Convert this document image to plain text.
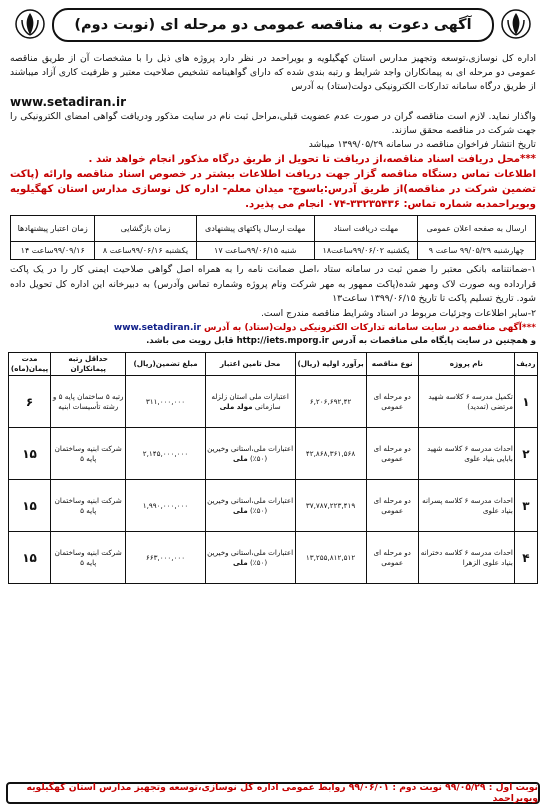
آگهی دعوت به مناقصه عمومی دو مرحله ای (نوبت دوم)

اداره کل نوسازی،توسعه وتجهیز مدارس استان کهگیلویه و بویراحمد در نظر دارد پروژه های ذیل را با مشخصات آن از طریق مناقصه عمومی دو مرحله ای به پیمانکاران واجد شرایط و رتبه بندی شده که دارای گواهینامه تشخیص صلاحیت معتبر و ظرفیت کاری آزاد میباشند از طریق درگاه سامانه تدارکات الکترونیکی دولت(ستاد) به آدرس

www.setadiran.ir

واگذار نماید. لازم است مناقصه گران در صورت عدم عضویت قبلی،مراحل ثبت نام در سایت مذکور ودریافت گواهی امضای الکترونیکی را جهت شرکت در مناقصه محقق سازند.

تاریخ انتشار فراخوان مناقصه در سامانه ۱۳۹۹/۰۵/۲۹ میباشد

***محل دریافت اسناد مناقصه،از دریافت تا تحویل از طریق درگاه مذکور انجام خواهد شد .

اطلاعات تماس دستگاه مناقصه گزار جهت دریافت اطلاعات بیشتر در خصوص اسناد مناقصه وارائه (پاکت تضمین شرکت در مناقصه)از طریق آدرس:یاسوج- میدان معلم- اداره کل نوسازی مدارس استان کهگیلویه وبویراحمدبه شماره تماس: ۳۳۲۳۵۴۳۶-۰۷۴ انجام می پذیرد.

ارسال به صفحه اعلان عمومی	مهلت دریافت اسناد	مهلت ارسال پاکتهای پیشنهادی	زمان بازگشایی	زمان اعتبار پیشنهادها
چهارشنبه ۹۹/۰۵/۲۹ ساعت ۹	یکشنبه ۹۹/۰۶/۰۲ساعت۱۸	شنبه ۹۹/۰۶/۱۵ساعت ۱۷	یکشنبه ۹۹/۰۶/۱۶ساعت ۸	۹۹/۰۹/۱۶ساعت ۱۴

۱-ضمانتنامه بانکی معتبر را ضمن ثبت در سامانه ستاد ،اصل ضمانت نامه را به همراه اصل گواهی صلاحیت ایمنی کار را در یک پاکت قرارداده وبه صورت لاک ومهر شده(پاکت ممهور به مهر شرکت ونام پروژه وشماره تماس وآدرس) به دبیرخانه این اداره کل تحویل داده شود. تاریخ تسلیم پاکت تا تاریخ ۱۳۹۹/۰۶/۱۵ ساعت۱۳

۲-سایر اطلاعات وجزئیات مربوط در اسناد وشرایط مناقصه مندرج است.

***آگهی مناقصه در سایت سامانه تدارکات الکترونیکی دولت(ستاد) به آدرس www.setadiran.ir

و همچنین در سایت پایگاه ملی مناقصات به آدرس http://iets.mporg.ir قابل رویت می باشد.

ردیف	نام پروژه	نوع مناقصه	برآورد اولیه (ریال)	محل تامین اعتبار	مبلغ تضمین(ریال)	حداقل رتبه پیمانکاران	مدت پیمان(ماه)
۱	تکمیل مدرسه ۶ کلاسه شهید مرتضی (تمدید)	دو مرحله ای عمومی	۶,۲۰۶,۶۹۲,۴۲	اعتبارات ملی استان زلزله سازمانی مولد ملی	۳۱۱,۰۰۰,۰۰۰	رتبه ۵ ساختمان پایه ۵ و رشته تأسیسات ابنیه	۶
۲	احداث مدرسه ۶ کلاسه شهید بابایی بنیاد علوی	دو مرحله ای عمومی	۴۲,۸۶۸,۳۶۱,۵۶۸	اعتبارات ملی،استانی وخیرین (۵۰٪) ملی	۲,۱۴۵,۰۰۰,۰۰۰	شرکت ابنیه وساختمان پایه ۵	۱۵
۳	احداث مدرسه ۶ کلاسه پسرانه بنیاد علوی	دو مرحله ای عمومی	۳۷,۷۸۷,۲۲۳,۴۱۹	اعتبارات ملی،استانی وخیرین (۵۰٪) ملی	۱,۹۹۰,۰۰۰,۰۰۰	شرکت ابنیه وساختمان پایه ۵	۱۵
۴	احداث مدرسه ۶ کلاسه دخترانه بنیاد علوی الزهرا	دو مرحله ای عمومی	۱۳,۲۵۵,۸۱۲,۵۱۲	اعتبارات ملی،استانی وخیرین (۵۰٪) ملی	۶۶۳,۰۰۰,۰۰۰	شرکت ابنیه وساختمان پایه ۵	۱۵
نوبت اول : ۹۹/۰۵/۲۹ نوبت دوم : ۹۹/۰۶/۰۱ روابط عمومی اداره کل نوسازی،توسعه وتجهیز مدارس استان کهگیلویه وبویراحمد
